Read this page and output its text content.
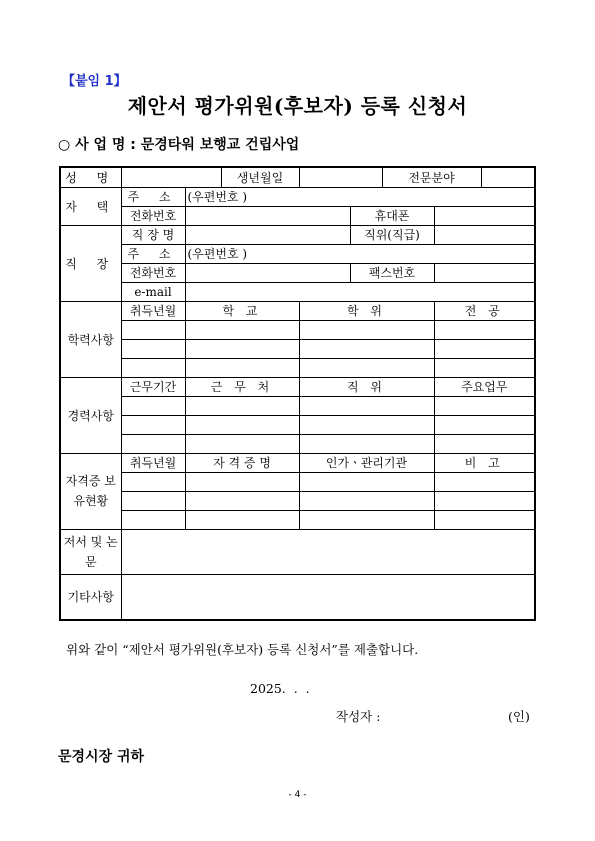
【붙임 1】
제안서 평가위원(후보자) 등록 신청서
○ 사 업 명 : 문경타워 보행교 건립사업
성 명			생년월일			전문분야		
자 택	주 소	(우편번호 )						
	전화번호				휴대폰			
직 장	직 장 명				직위(직급)			
	주 소	(우편번호 )						
	전화번호				팩스번호			
	e-mail							
학력사항	취득년월	학 교		학 위			전 공	

경력사항	근무기간	근 무 처		직 위			주요업무	

자격증 보유현황	취득년월	자 격 증 명		인가ㆍ관리기관			비 고	

저서 및 논문								
기타사항								
위와 같이 “제안서 평가위원(후보자) 등록 신청서”를 제출합니다.
2025.  .  .
작성자 :	(인)
문경시장 귀하
- 4 -
